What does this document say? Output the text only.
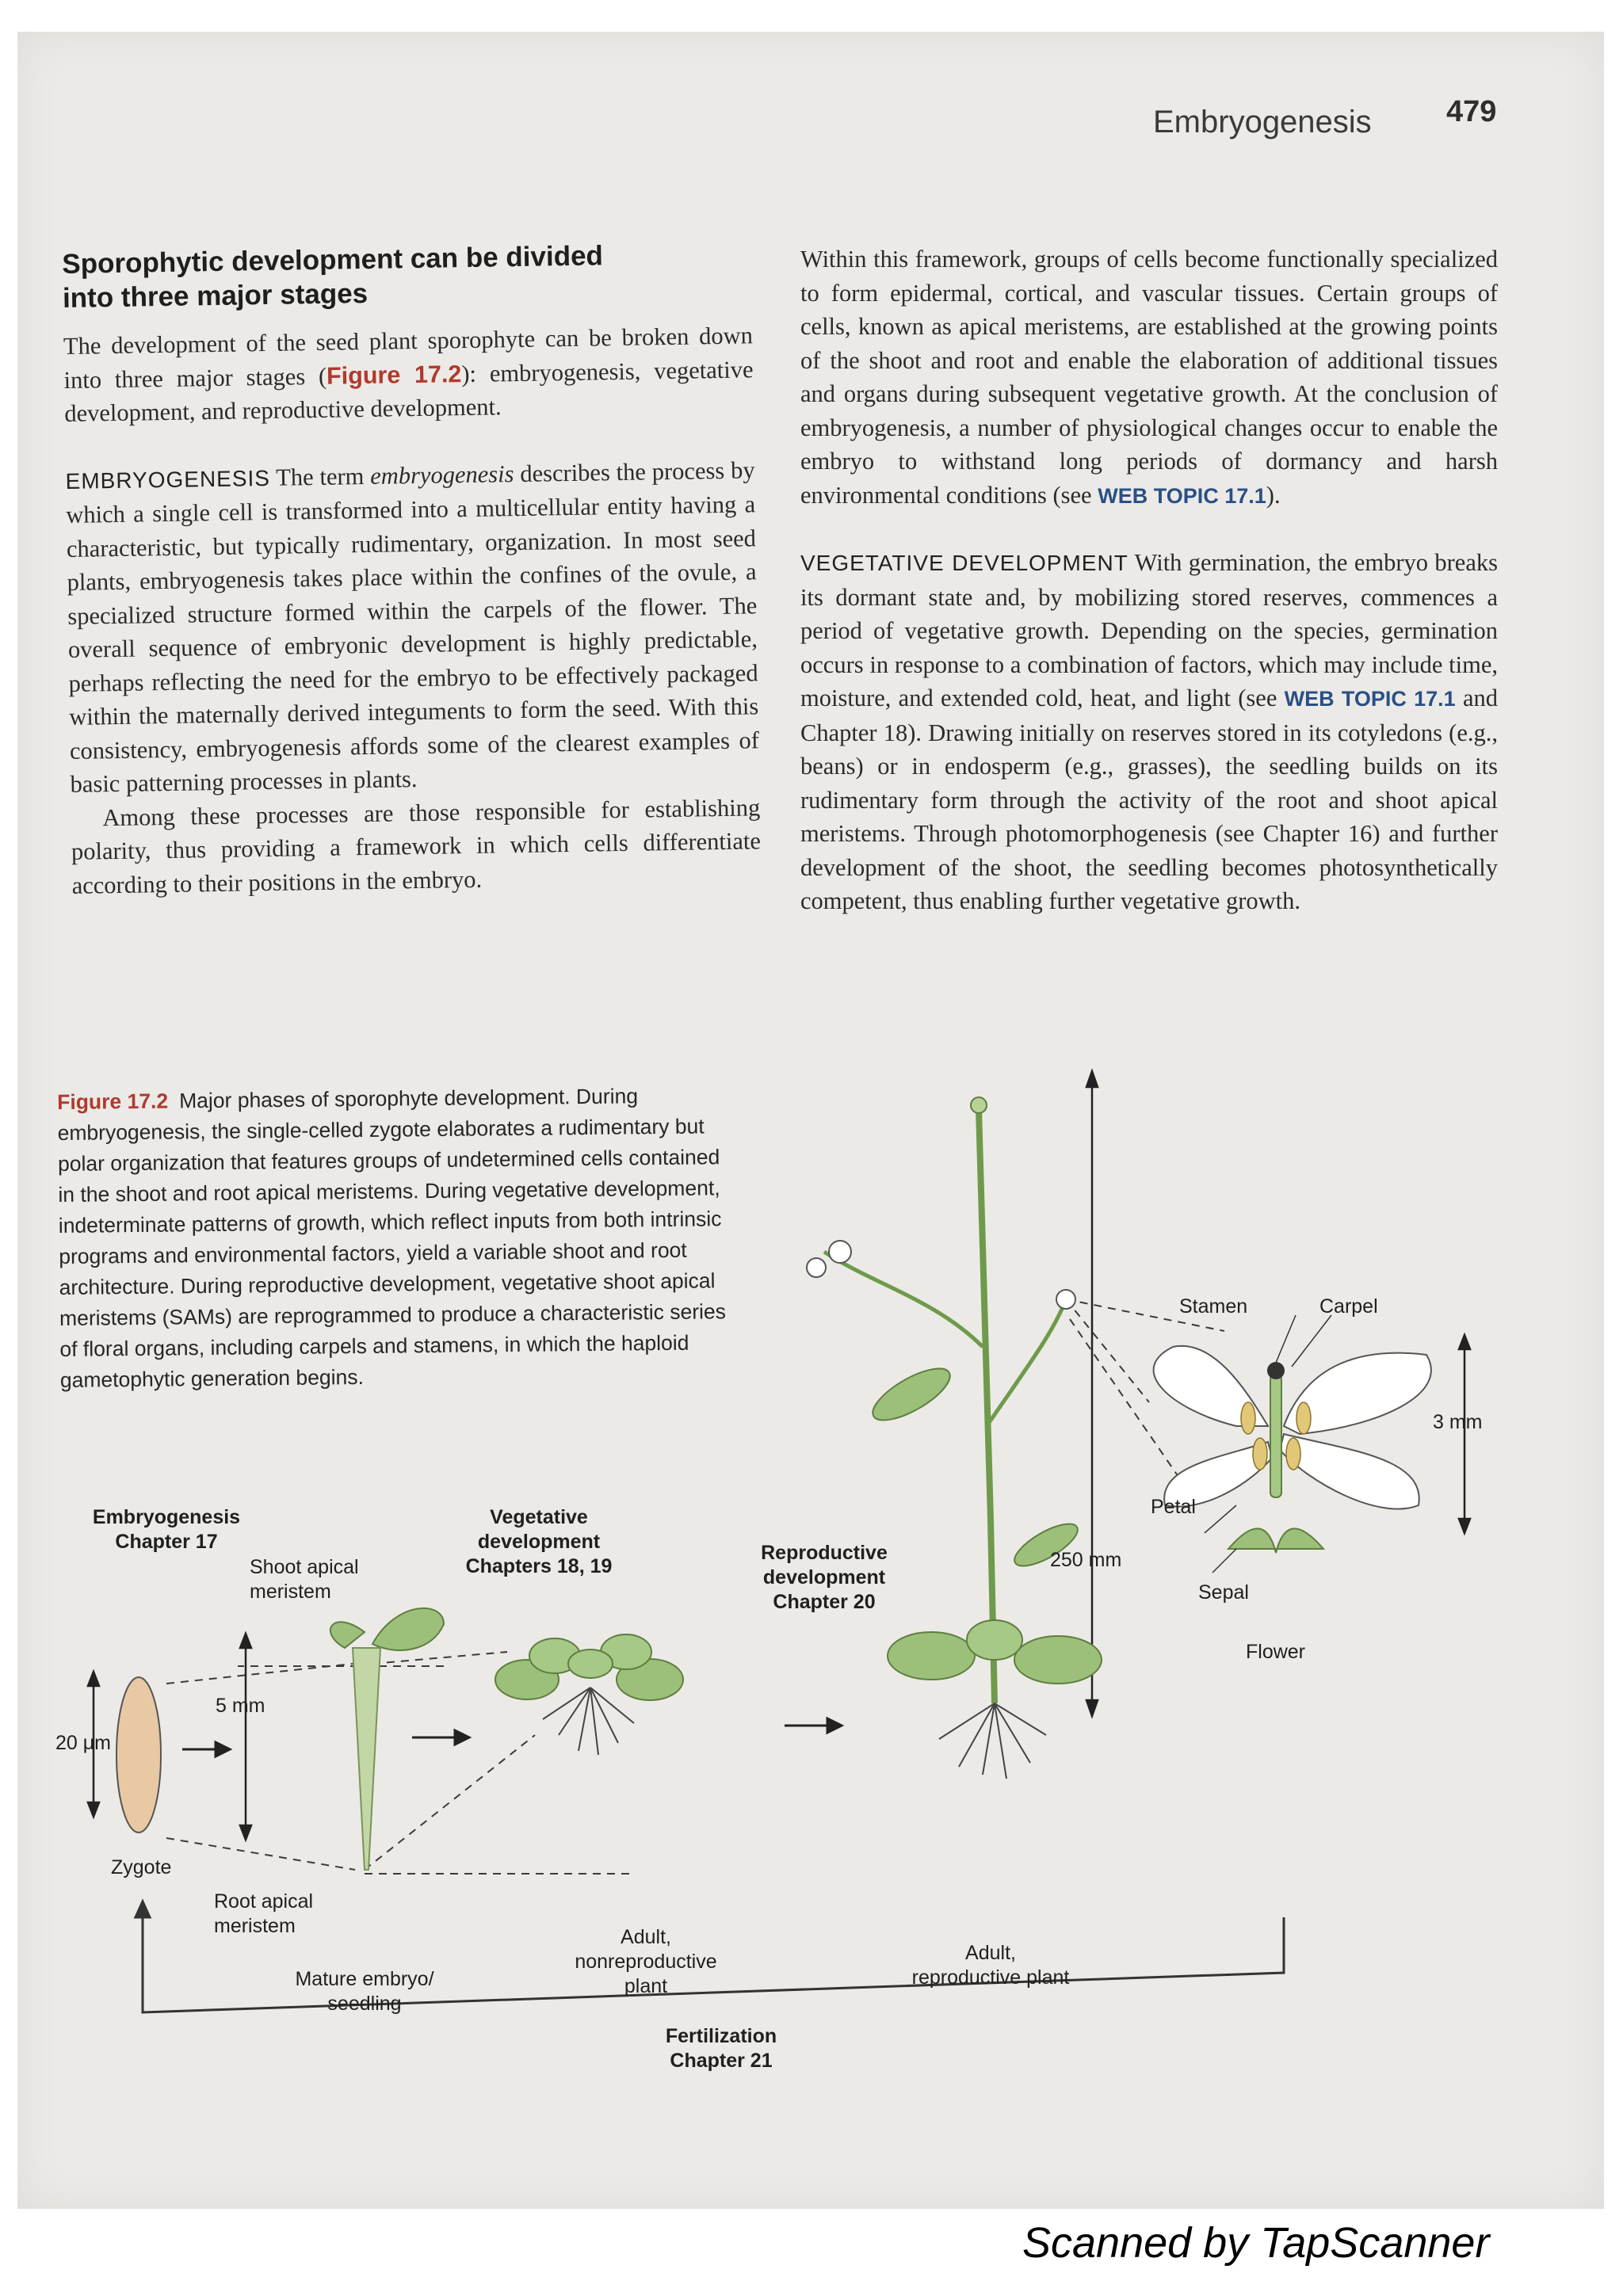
Embryogenesis 479
Sporophytic development can be divided
into three major stages

The development of the seed plant sporophyte can be broken down into three major stages (Figure 17.2): embryogenesis, vegetative development, and reproductive development.

EMBRYOGENESIS The term embryogenesis describes the process by which a single cell is transformed into a multicellular entity having a characteristic, but typically rudimentary, organization. In most seed plants, embryogenesis takes place within the confines of the ovule, a specialized structure formed within the carpels of the flower. The overall sequence of embryonic development is highly predictable, perhaps reflecting the need for the embryo to be effectively packaged within the maternally derived integuments to form the seed. With this consistency, embryogenesis affords some of the clearest examples of basic patterning processes in plants.

Among these processes are those responsible for establishing polarity, thus providing a framework in which cells differentiate according to their positions in the embryo.

Within this framework, groups of cells become functionally specialized to form epidermal, cortical, and vascular tissues. Certain groups of cells, known as apical meristems, are established at the growing points of the shoot and root and enable the elaboration of additional tissues and organs during subsequent vegetative growth. At the conclusion of embryogenesis, a number of physiological changes occur to enable the embryo to withstand long periods of dormancy and harsh environmental conditions (see WEB TOPIC 17.1).

VEGETATIVE DEVELOPMENT With germination, the embryo breaks its dormant state and, by mobilizing stored reserves, commences a period of vegetative growth. Depending on the species, germination occurs in response to a combination of factors, which may include time, moisture, and extended cold, heat, and light (see WEB TOPIC 17.1 and Chapter 18). Drawing initially on reserves stored in its cotyledons (e.g., beans) or in endosperm (e.g., grasses), the seedling builds on its rudimentary form through the activity of the root and shoot apical meristems. Through photomorphogenesis (see Chapter 16) and further development of the shoot, the seedling becomes photosynthetically competent, thus enabling further vegetative growth.

Figure 17.2 Major phases of sporophyte development. During embryogenesis, the single-celled zygote elaborates a rudimentary but polar organization that features groups of undetermined cells contained in the shoot and root apical meristems. During vegetative development, indeterminate patterns of growth, which reflect inputs from both intrinsic programs and environmental factors, yield a variable shoot and root architecture. During reproductive development, vegetative shoot apical meristems (SAMs) are reprogrammed to produce a characteristic series of floral organs, including carpels and stamens, in which the haploid gametophytic generation begins.
Embryogenesis
Chapter 17
Vegetative
development
Chapters 18, 19
Reproductive
development
Chapter 20
Shoot apical
meristem
Root apical
meristem
20 μm
5 mm
250 mm
3 mm
Zygote
Mature embryo/
seedling
Adult,
nonreproductive
plant
Adult,
reproductive plant
Fertilization
Chapter 21
Stamen	Carpel
Petal
Sepal
Flower
Scanned by TapScanner
